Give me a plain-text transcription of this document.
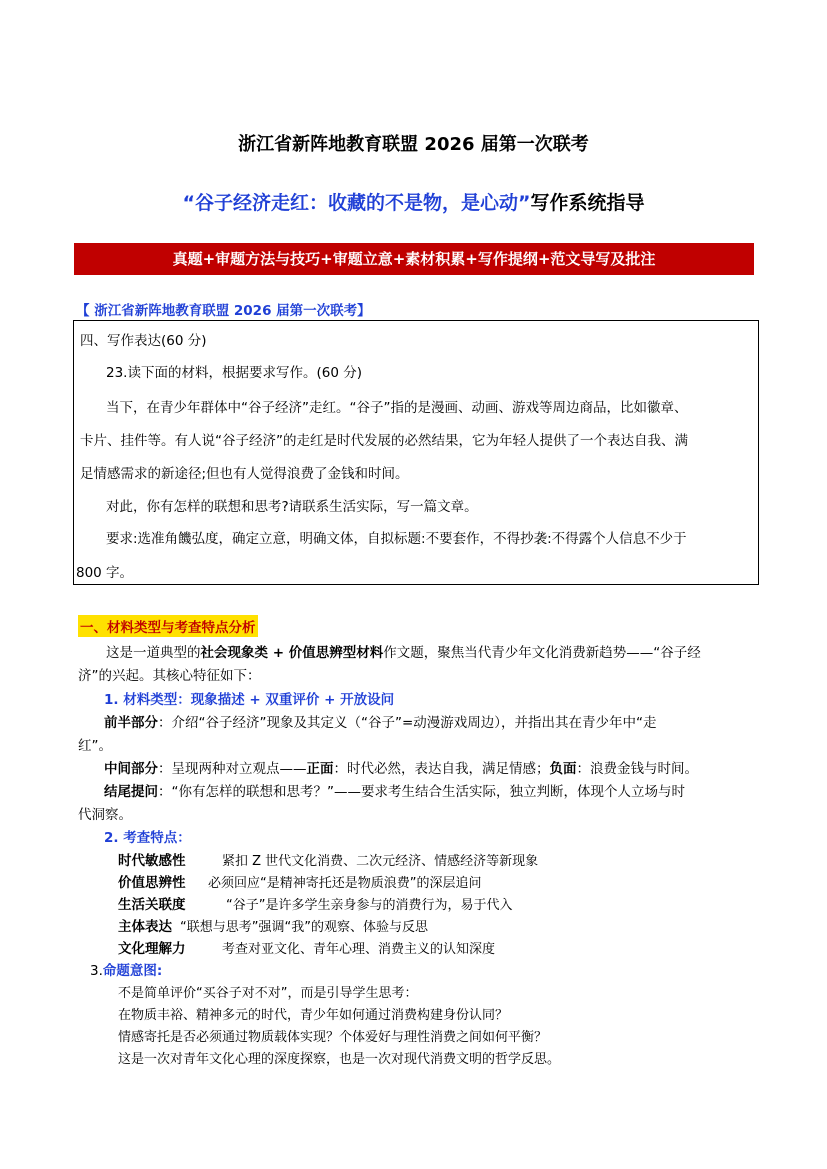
浙江省新阵地教育联盟 2026 届第一次联考
“谷子经济走红：收藏的不是物，是心动”写作系统指导
真题+审题方法与技巧+审题立意+素材积累+写作提纲+范文导写及批注
【 浙江省新阵地教育联盟 2026 届第一次联考】
四、写作表达(60 分)
23.读下面的材料，根据要求写作。(60 分)
当下，在青少年群体中“谷子经济”走红。“谷子”指的是漫画、动画、游戏等周边商品，比如徽章、
卡片、挂件等。有人说“谷子经济”的走红是时代发展的必然结果，它为年轻人提供了一个表达自我、满
足情感需求的新途径;但也有人觉得浪费了金钱和时间。
对此，你有怎样的联想和思考?请联系生活实际，写一篇文章。
要求:选准角饑弘度，确定立意，明确文体，自拟标题:不要套作，不得抄袭:不得露个人信息不少于
800 字。
一、材料类型与考查特点分析
这是一道典型的社会现象类 + 价值思辨型材料作文题，聚焦当代青少年文化消费新趋势——“谷子经
济”的兴起。其核心特征如下：
1. 材料类型：现象描述 + 双重评价 + 开放设问
前半部分：介绍“谷子经济”现象及其定义（“谷子”=动漫游戏周边），并指出其在青少年中“走
红”。
中间部分：呈现两种对立观点——正面：时代必然，表达自我，满足情感；负面：浪费金钱与时间。
结尾提问：“你有怎样的联想和思考？”——要求考生结合生活实际，独立判断，体现个人立场与时
代洞察。
2. 考查特点：
时代敏感性	紧扣 Z 世代文化消费、二次元经济、情感经济等新现象
价值思辨性 必须回应“是精神寄托还是物质浪费”的深层追问
生活关联度	“谷子”是许多学生亲身参与的消费行为，易于代入
主体表达 “联想与思考”强调“我”的观察、体验与反思
文化理解力	考查对亚文化、青年心理、消费主义的认知深度
3.命题意图:
不是简单评价“买谷子对不对”，而是引导学生思考：
在物质丰裕、精神多元的时代，青少年如何通过消费构建身份认同？
情感寄托是否必须通过物质载体实现？个体爱好与理性消费之间如何平衡？
这是一次对青年文化心理的深度探察，也是一次对现代消费文明的哲学反思。
